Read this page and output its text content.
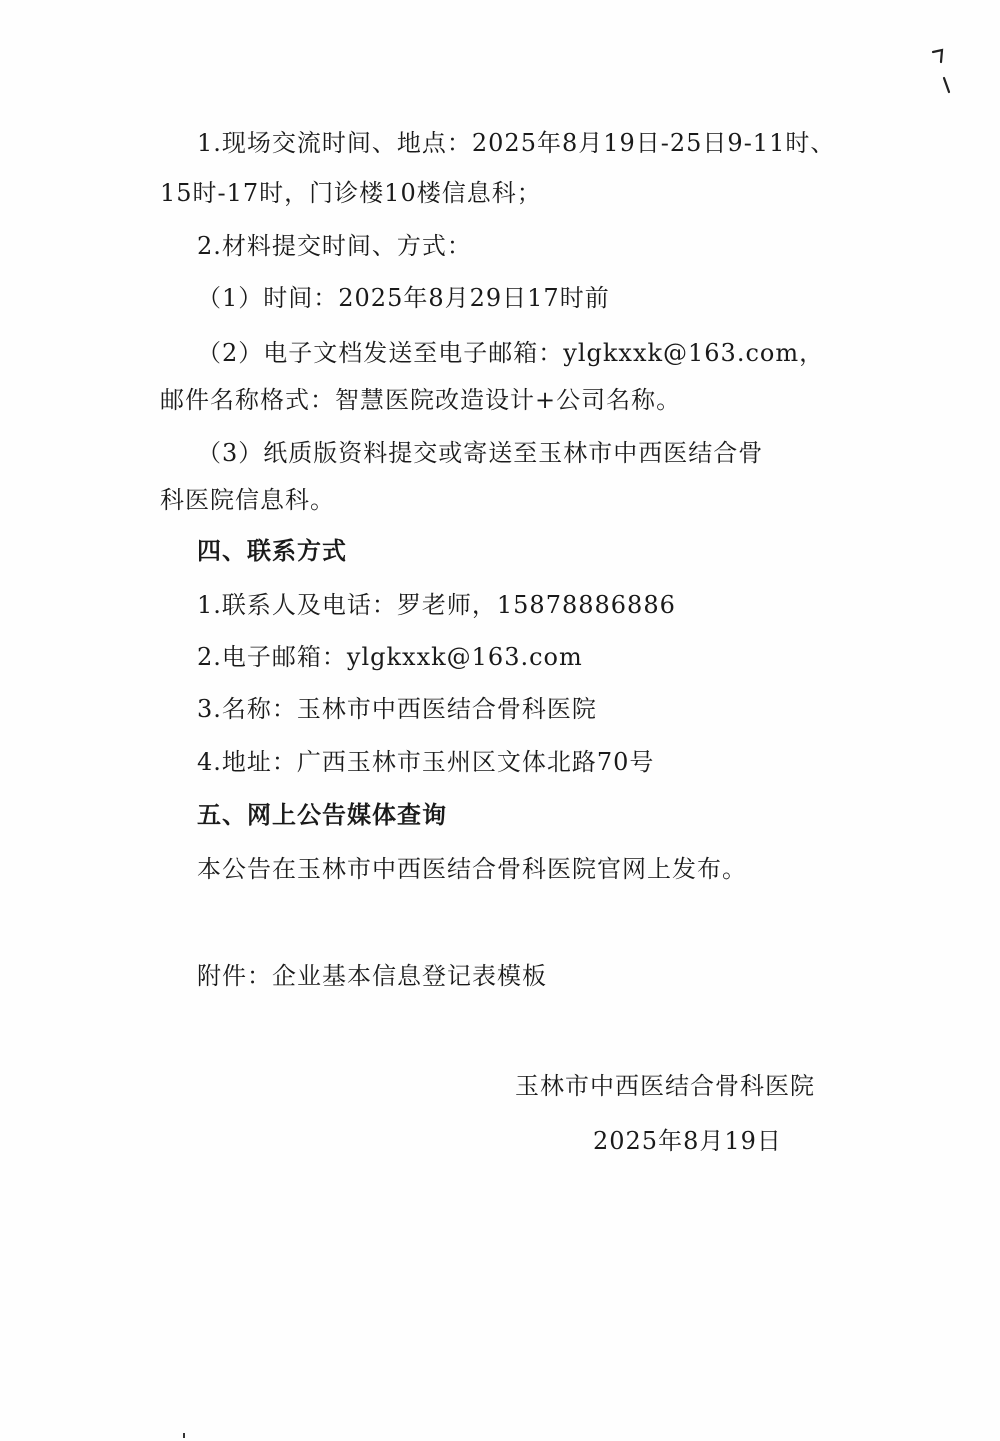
1.现场交流时间、地点：2025年8月19日-25日9-11时、
15时-17时，门诊楼10楼信息科；
2.材料提交时间、方式：
（1）时间：2025年8月29日17时前
（2）电子文档发送至电子邮箱：ylgkxxk@163.com，
邮件名称格式：智慧医院改造设计+公司名称。
（3）纸质版资料提交或寄送至玉林市中西医结合骨
科医院信息科。
四、联系方式
1.联系人及电话：罗老师，15878886886
2.电子邮箱：ylgkxxk@163.com
3.名称：玉林市中西医结合骨科医院
4.地址：广西玉林市玉州区文体北路70号
五、网上公告媒体查询
本公告在玉林市中西医结合骨科医院官网上发布。
附件：企业基本信息登记表模板
玉林市中西医结合骨科医院
2025年8月19日
